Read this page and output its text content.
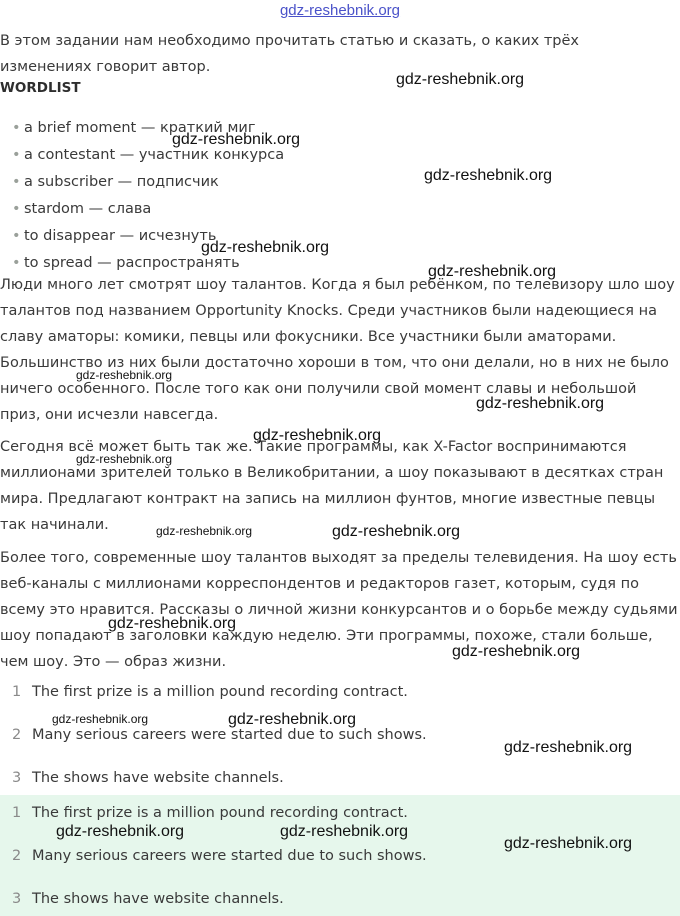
gdz-reshebnik.org
В этом задании нам необходимо прочитать статью и сказать, о каких трёх изменениях говорит автор.
WORDLIST
• a brief moment — краткий миг
• a contestant — участник конкурса
• a subscriber — подписчик
• stardom — слава
• to disappear — исчезнуть
• to spread — распространять

Люди много лет смотрят шоу талантов. Когда я был ребёнком, по телевизору шло шоу талантов под названием Opportunity Knocks. Среди участников были надеющиеся на славу аматоры: комики, певцы или фокусники. Все участники были аматорами. Большинство из них были достаточно хороши в том, что они делали, но в них не было ничего особенного. После того как они получили свой момент славы и небольшой приз, они исчезли навсегда.

Сегодня всё может быть так же. Такие программы, как X-Factor воспринимаются миллионами зрителей только в Великобритании, а шоу показывают в десятках стран мира. Предлагают контракт на запись на миллион фунтов, многие известные певцы так начинали.

Более того, современные шоу талантов выходят за пределы телевидения. На шоу есть веб-каналы с миллионами корреспондентов и редакторов газет, которым, судя по всему это нравится. Рассказы о личной жизни конкурсантов и о борьбе между судьями шоу попадают в заголовки каждую неделю. Эти программы, похоже, стали больше, чем шоу. Это — образ жизни.

1 The first prize is a million pound recording contract.
2 Many serious careers were started due to such shows.
3 The shows have website channels.
1 The first prize is a million pound recording contract.
2 Many serious careers were started due to such shows.
3 The shows have website channels.
gdz-reshebnik.org
gdz-reshebnik.org
gdz-reshebnik.org
gdz-reshebnik.org
gdz-reshebnik.org
gdz-reshebnik.org
gdz-reshebnik.org
gdz-reshebnik.org
gdz-reshebnik.org
gdz-reshebnik.org	gdz-reshebnik.org
gdz-reshebnik.org
gdz-reshebnik.org
gdz-reshebnik.org	gdz-reshebnik.org
gdz-reshebnik.org
gdz-reshebnik.org	gdz-reshebnik.org
gdz-reshebnik.org
